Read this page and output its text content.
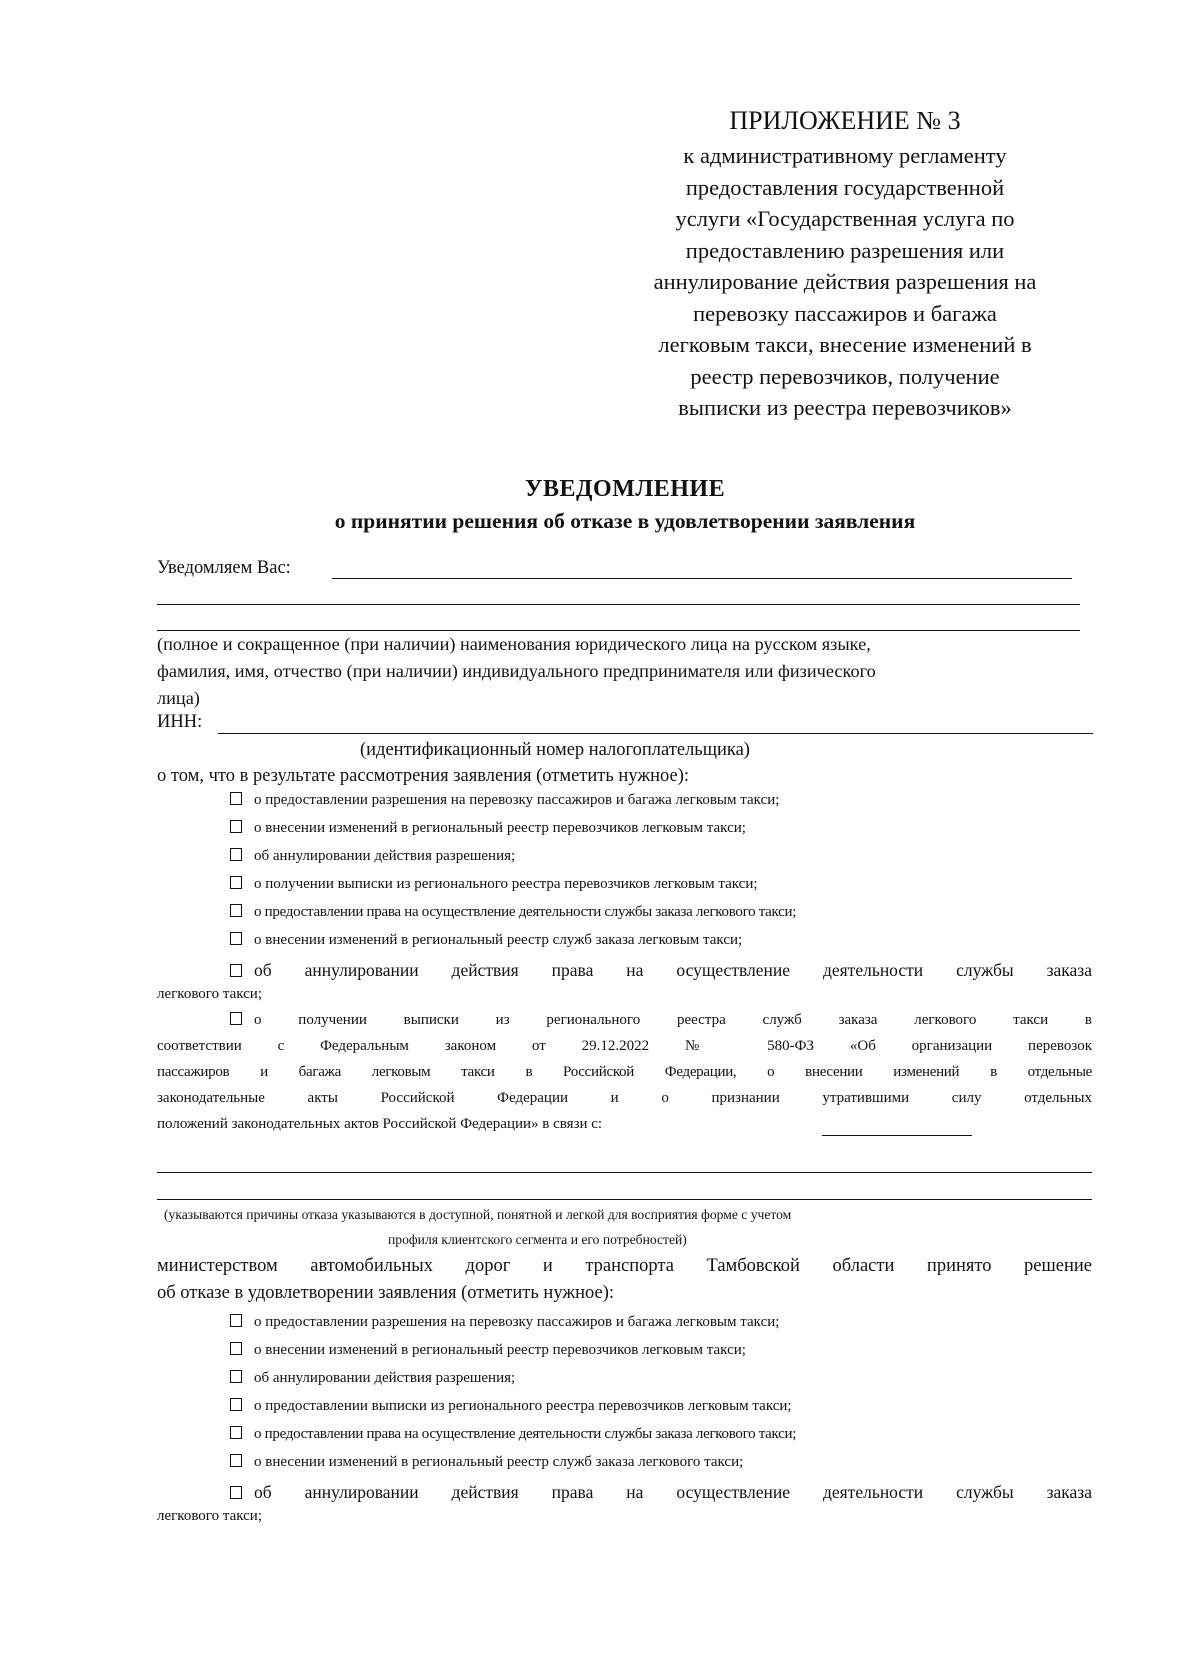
ПРИЛОЖЕНИЕ № 3
к административному регламенту
предоставления государственной
услуги «Государственная услуга по
предоставлению разрешения или
аннулирование действия разрешения на
перевозку пассажиров и багажа
легковым такси, внесение изменений в
реестр перевозчиков, получение
выписки из реестра перевозчиков»
УВЕДОМЛЕНИЕ
о принятии решения об отказе в удовлетворении заявления
Уведомляем Вас:
(полное и сокращенное (при наличии) наименования юридического лица на русском языке,
фамилия, имя, отчество (при наличии) индивидуального предпринимателя или физического
лица)
ИНН:
(идентификационный номер налогоплательщика)
о том, что в результате рассмотрения заявления (отметить нужное):
о предоставлении разрешения на перевозку пассажиров и багажа легковым такси;
о внесении изменений в региональный реестр перевозчиков легковым такси;
об аннулировании действия разрешения;
о получении выписки из регионального реестра перевозчиков легковым такси;
о предоставлении права на осуществление деятельности службы заказа легкового такси;
о внесении изменений в региональный реестр служб заказа легковым такси;
об аннулировании действия права на осуществление деятельности службы заказа
легкового такси;
о получении выписки из регионального реестра служб заказа легкового такси в
соответствии с Федеральным законом от 29.12.2022 № 580-ФЗ «Об организации перевозок
пассажиров и багажа легковым такси в Российской Федерации, о внесении изменений в отдельные
законодательные акты Российской Федерации и о признании утратившими силу отдельных
положений законодательных актов Российской Федерации» в связи с:
(указываются причины отказа указываются в доступной, понятной и легкой для восприятия форме с учетом
профиля клиентского сегмента и его потребностей)
министерством автомобильных дорог и транспорта Тамбовской области принято решение
об отказе в удовлетворении заявления (отметить нужное):
о предоставлении разрешения на перевозку пассажиров и багажа легковым такси;
о внесении изменений в региональный реестр перевозчиков легковым такси;
об аннулировании действия разрешения;
о предоставлении выписки из регионального реестра перевозчиков легковым такси;
о предоставлении права на осуществление деятельности службы заказа легкового такси;
о внесении изменений в региональный реестр служб заказа легкового такси;
об аннулировании действия права на осуществление деятельности службы заказа
легкового такси;
